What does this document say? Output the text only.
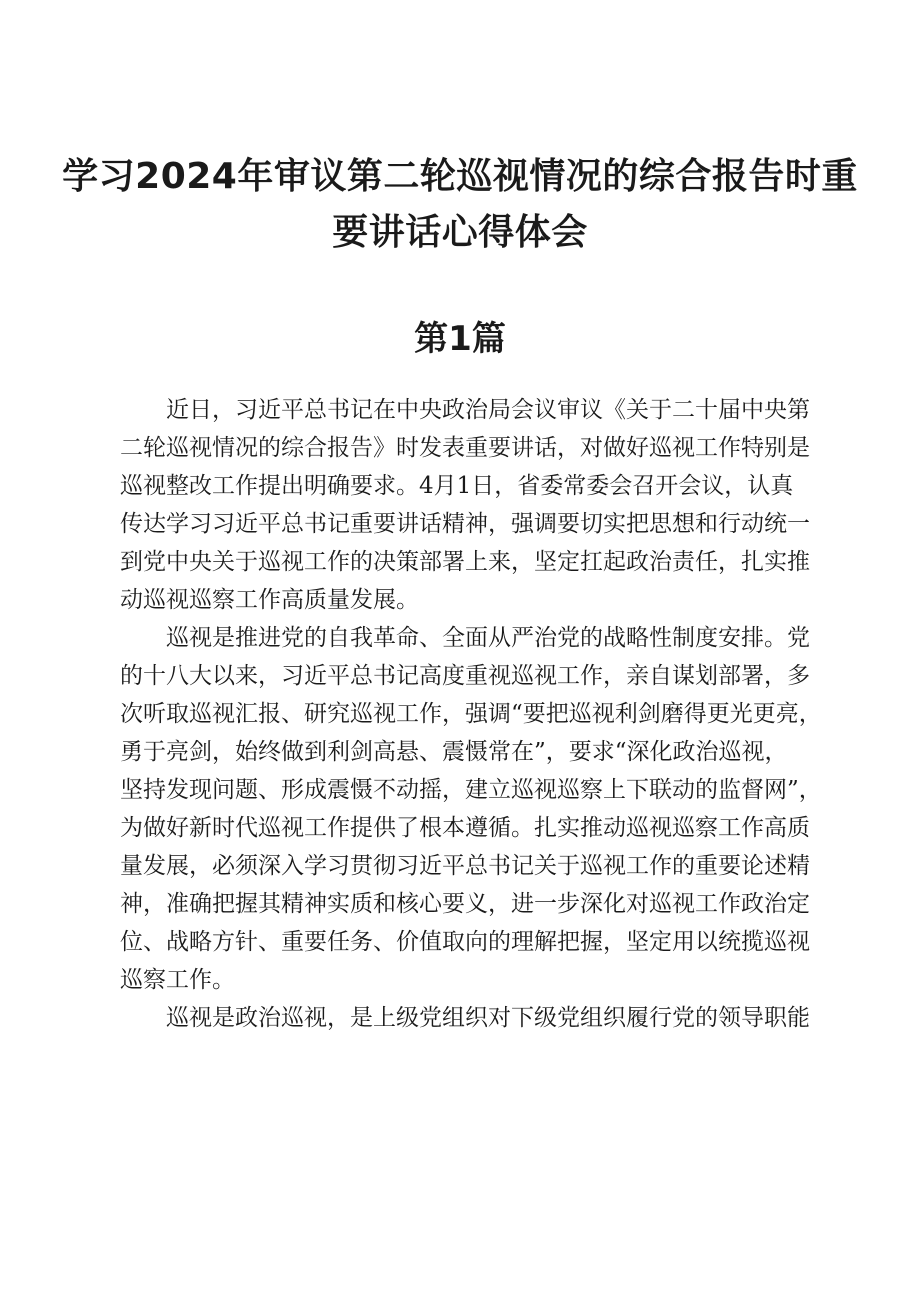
学习2024年审议第二轮巡视情况的综合报告时重
要讲话心得体会
第1篇
近日，习近平总书记在中央政治局会议审议《关于二十届中央第
二轮巡视情况的综合报告》时发表重要讲话，对做好巡视工作特别是
巡视整改工作提出明确要求。4月1日，省委常委会召开会议，认真
传达学习习近平总书记重要讲话精神，强调要切实把思想和行动统一
到党中央关于巡视工作的决策部署上来，坚定扛起政治责任，扎实推
动巡视巡察工作高质量发展。
巡视是推进党的自我革命、全面从严治党的战略性制度安排。党
的十八大以来，习近平总书记高度重视巡视工作，亲自谋划部署，多
次听取巡视汇报、研究巡视工作，强调“要把巡视利剑磨得更光更亮，
勇于亮剑，始终做到利剑高悬、震慑常在”，要求“深化政治巡视，
坚持发现问题、形成震慑不动摇，建立巡视巡察上下联动的监督网”，
为做好新时代巡视工作提供了根本遵循。扎实推动巡视巡察工作高质
量发展，必须深入学习贯彻习近平总书记关于巡视工作的重要论述精
神，准确把握其精神实质和核心要义，进一步深化对巡视工作政治定
位、战略方针、重要任务、价值取向的理解把握，坚定用以统揽巡视
巡察工作。
巡视是政治巡视，是上级党组织对下级党组织履行党的领导职能
